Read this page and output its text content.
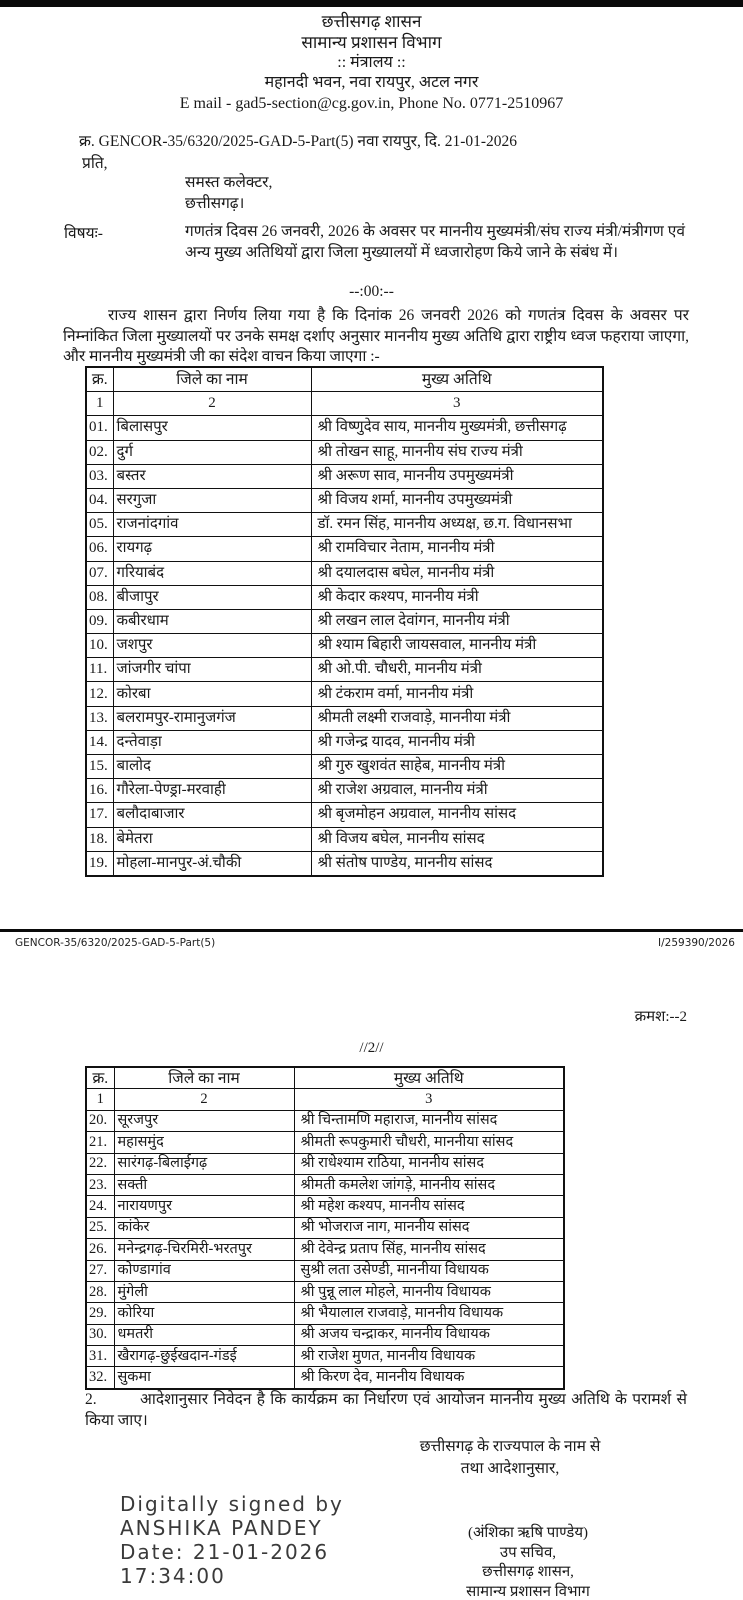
छत्तीसगढ़ शासन
सामान्य प्रशासन विभाग
:: मंत्रालय ::
महानदी भवन, नवा रायपुर, अटल नगर
E mail - gad5-section@cg.gov.in, Phone No. 0771-2510967
क्र. GENCOR-35/6320/2025-GAD-5-Part(5) नवा रायपुर, दि. 21-01-2026
प्रति,
समस्त कलेक्टर,
छत्तीसगढ़।
विषयः-	गणतंत्र दिवस 26 जनवरी, 2026 के अवसर पर माननीय मुख्यमंत्री/संघ राज्य मंत्री/मंत्रीगण एवं अन्य मुख्य अतिथियों द्वारा जिला मुख्यालयों में ध्वजारोहण किये जाने के संबंध में।
--:00:--
राज्य शासन द्वारा निर्णय लिया गया है कि दिनांक 26 जनवरी 2026 को गणतंत्र दिवस के अवसर पर निम्नांकित जिला मुख्यालयों पर उनके समक्ष दर्शाए अनुसार माननीय मुख्य अतिथि द्वारा राष्ट्रीय ध्वज फहराया जाएगा, और माननीय मुख्यमंत्री जी का संदेश वाचन किया जाएगा :-
क्र.	जिले का नाम	मुख्य अतिथि
1	2	3
01.	बिलासपुर	श्री विष्णुदेव साय, माननीय मुख्यमंत्री, छत्तीसगढ़
02.	दुर्ग	श्री तोखन साहू, माननीय संघ राज्य मंत्री
03.	बस्तर	श्री अरूण साव, माननीय उपमुख्यमंत्री
04.	सरगुजा	श्री विजय शर्मा, माननीय उपमुख्यमंत्री
05.	राजनांदगांव	डॉ. रमन सिंह, माननीय अध्यक्ष, छ.ग. विधानसभा
06.	रायगढ़	श्री रामविचार नेताम, माननीय मंत्री
07.	गरियाबंद	श्री दयालदास बघेल, माननीय मंत्री
08.	बीजापुर	श्री केदार कश्यप, माननीय मंत्री
09.	कबीरधाम	श्री लखन लाल देवांगन, माननीय मंत्री
10.	जशपुर	श्री श्याम बिहारी जायसवाल, माननीय मंत्री
11.	जांजगीर चांपा	श्री ओ.पी. चौधरी, माननीय मंत्री
12.	कोरबा	श्री टंकराम वर्मा, माननीय मंत्री
13.	बलरामपुर-रामानुजगंज	श्रीमती लक्ष्मी राजवाड़े, माननीया मंत्री
14.	दन्तेवाड़ा	श्री गजेन्द्र यादव, माननीय मंत्री
15.	बालोद	श्री गुरु खुशवंत साहेब, माननीय मंत्री
16.	गौरेला-पेण्ड्रा-मरवाही	श्री राजेश अग्रवाल, माननीय मंत्री
17.	बलौदाबाजार	श्री बृजमोहन अग्रवाल, माननीय सांसद
18.	बेमेतरा	श्री विजय बघेल, माननीय सांसद
19.	मोहला-मानपुर-अं.चौकी	श्री संतोष पाण्डेय, माननीय सांसद
GENCOR-35/6320/2025-GAD-5-Part(5)	I/259390/2026
क्रमश:--2
//2//
क्र.	जिले का नाम	मुख्य अतिथि
1	2	3
20.	सूरजपुर	श्री चिन्तामणि महाराज, माननीय सांसद
21.	महासमुंद	श्रीमती रूपकुमारी चौधरी, माननीया सांसद
22.	सारंगढ़-बिलाईगढ़	श्री राधेश्याम राठिया, माननीय सांसद
23.	सक्ती	श्रीमती कमलेश जांगड़े, माननीय सांसद
24.	नारायणपुर	श्री महेश कश्यप, माननीय सांसद
25.	कांकेर	श्री भोजराज नाग, माननीय सांसद
26.	मनेन्द्रगढ़-चिरमिरी-भरतपुर	श्री देवेन्द्र प्रताप सिंह, माननीय सांसद
27.	कोण्डागांव	सुश्री लता उसेण्डी, माननीया विधायक
28.	मुंगेली	श्री पुन्नू लाल मोहले, माननीय विधायक
29.	कोरिया	श्री भैयालाल राजवाड़े, माननीय विधायक
30.	धमतरी	श्री अजय चन्द्राकर, माननीय विधायक
31.	खैरागढ़-छुईखदान-गंडई	श्री राजेश मुणत, माननीय विधायक
32.	सुकमा	श्री किरण देव, माननीय विधायक
2.	आदेशानुसार निवेदन है कि कार्यक्रम का निर्धारण एवं आयोजन माननीय मुख्य अतिथि के परामर्श से किया जाए।
छत्तीसगढ़ के राज्यपाल के नाम से
तथा आदेशानुसार,
Digitally signed by
ANSHIKA PANDEY
Date: 21-01-2026
17:34:00
(अंशिका ऋषि पाण्डेय)
उप सचिव,
छत्तीसगढ़ शासन,
सामान्य प्रशासन विभाग
